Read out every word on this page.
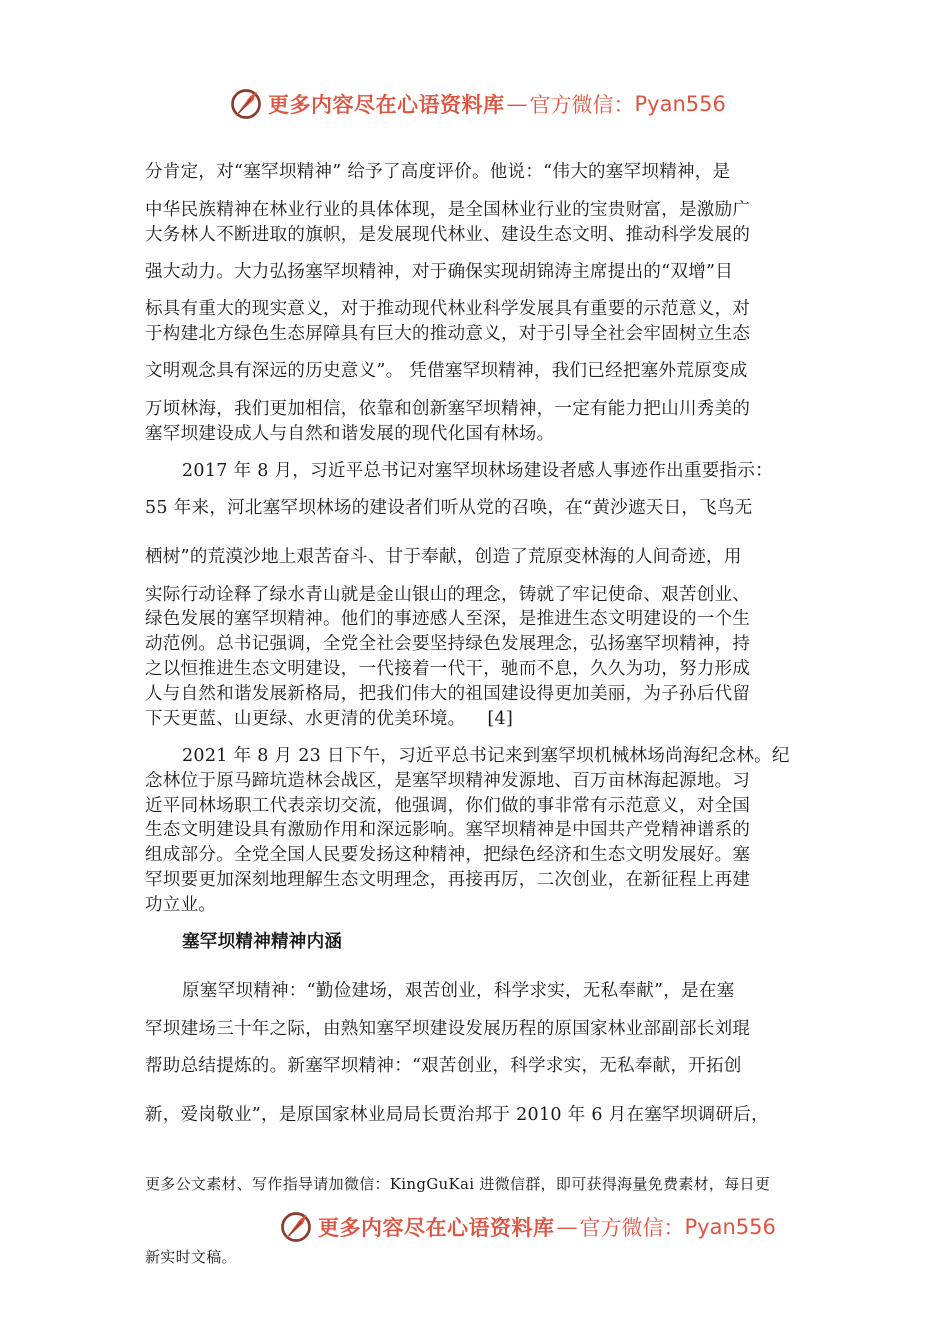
更多内容尽在心语资料库 — 官方微信： Pyan556
分肯定，对“塞罕坝精神” 给予了高度评价。他说：“伟大的塞罕坝精神，是
中华民族精神在林业行业的具体体现，是全国林业行业的宝贵财富，是激励广
大务林人不断进取的旗帜，是发展现代林业、建设生态文明、推动科学发展的
强大动力。大力弘扬塞罕坝精神，对于确保实现胡锦涛主席提出的“双增”目
标具有重大的现实意义，对于推动现代林业科学发展具有重要的示范意义，对
于构建北方绿色生态屏障具有巨大的推动意义，对于引导全社会牢固树立生态
文明观念具有深远的历史意义”。 凭借塞罕坝精神，我们已经把塞外荒原变成
万顷林海，我们更加相信，依靠和创新塞罕坝精神，一定有能力把山川秀美的
塞罕坝建设成人与自然和谐发展的现代化国有林场。
2017 年 8 月，习近平总书记对塞罕坝林场建设者感人事迹作出重要指示：
55 年来，河北塞罕坝林场的建设者们听从党的召唤，在“黄沙遮天日，飞鸟无
栖树”的荒漠沙地上艰苦奋斗、甘于奉献，创造了荒原变林海的人间奇迹，用
实际行动诠释了绿水青山就是金山银山的理念，铸就了牢记使命、艰苦创业、
绿色发展的塞罕坝精神。他们的事迹感人至深，是推进生态文明建设的一个生
动范例。总书记强调，全党全社会要坚持绿色发展理念，弘扬塞罕坝精神，持
之以恒推进生态文明建设，一代接着一代干，驰而不息，久久为功，努力形成
人与自然和谐发展新格局，把我们伟大的祖国建设得更加美丽，为子孙后代留
下天更蓝、山更绿、水更清的优美环境。 [4]
2021 年 8 月 23 日下午，习近平总书记来到塞罕坝机械林场尚海纪念林。纪
念林位于原马蹄坑造林会战区，是塞罕坝精神发源地、百万亩林海起源地。习
近平同林场职工代表亲切交流，他强调，你们做的事非常有示范意义，对全国
生态文明建设具有激励作用和深远影响。塞罕坝精神是中国共产党精神谱系的
组成部分。全党全国人民要发扬这种精神，把绿色经济和生态文明发展好。塞
罕坝要更加深刻地理解生态文明理念，再接再厉，二次创业，在新征程上再建
功立业。
塞罕坝精神精神内涵
原塞罕坝精神：“勤俭建场，艰苦创业，科学求实，无私奉献”，是在塞
罕坝建场三十年之际，由熟知塞罕坝建设发展历程的原国家林业部副部长刘琨
帮助总结提炼的。新塞罕坝精神：“艰苦创业，科学求实，无私奉献，开拓创
新，爱岗敬业”，是原国家林业局局长贾治邦于 2010 年 6 月在塞罕坝调研后，
更多公文素材、写作指导请加微信：KingGuKai 进微信群，即可获得海量免费素材，每日更
更多内容尽在心语资料库 — 官方微信： Pyan556
新实时文稿。
